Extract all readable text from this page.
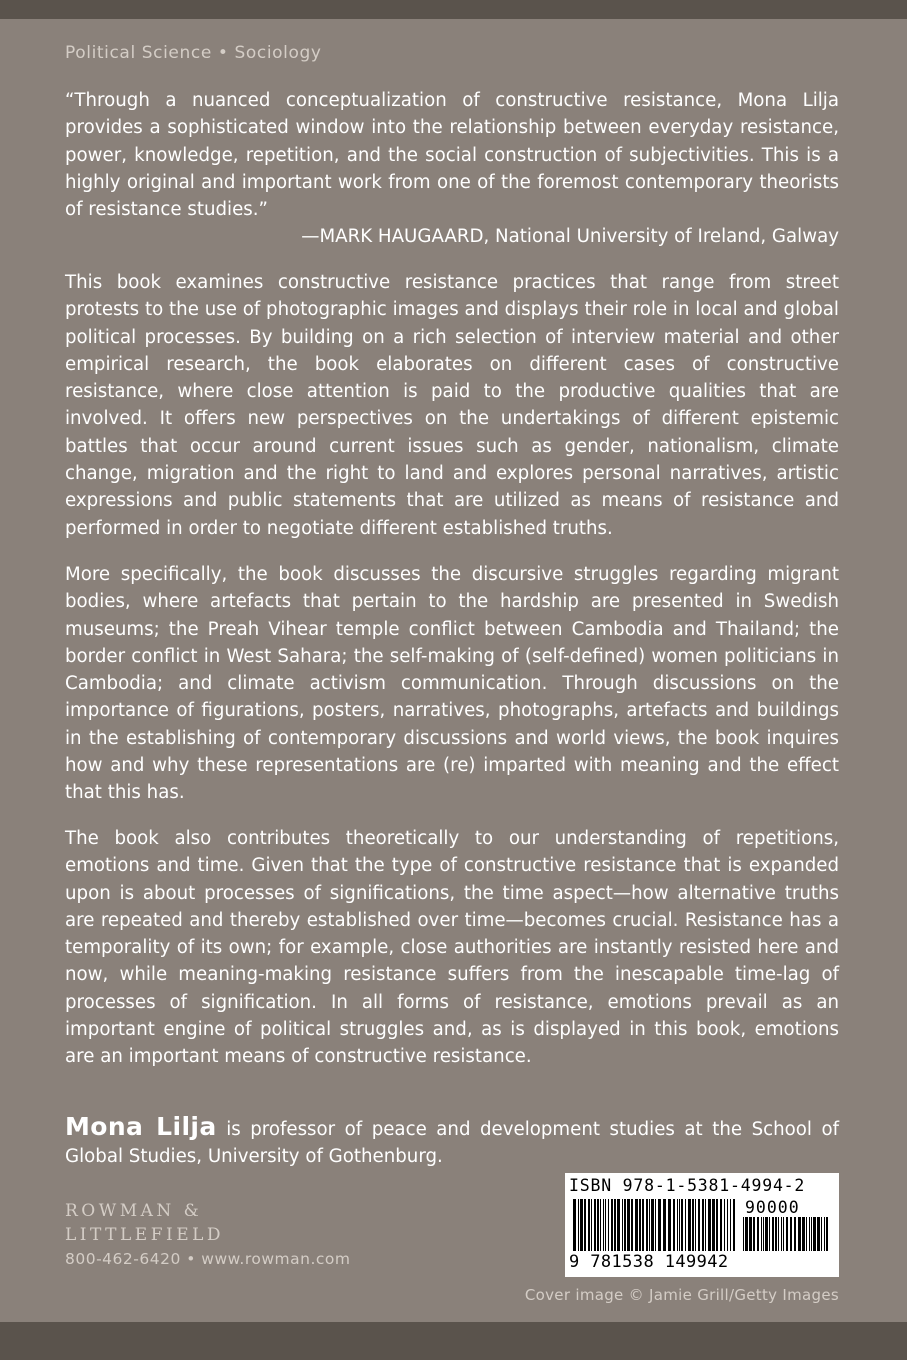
Political Science • Sociology

“Through a nuanced conceptualization of constructive resistance, Mona Lilja provides a sophisticated window into the relationship between everyday resistance, power, knowledge, repetition, and the social construction of subjectivities. This is a highly original and important work from one of the foremost contemporary theorists of resistance studies.”

—MARK HAUGAARD, National University of Ireland, Galway

This book examines constructive resistance practices that range from street protests to the use of photographic images and displays their role in local and global political processes. By building on a rich selection of interview material and other empirical research, the book elaborates on different cases of constructive resistance, where close attention is paid to the productive qualities that are involved. It offers new perspectives on the undertakings of different epistemic battles that occur around current issues such as gender, nationalism, climate change, migration and the right to land and explores personal narratives, artistic expressions and public statements that are utilized as means of resistance and performed in order to negotiate different established truths.

More specifically, the book discusses the discursive struggles regarding migrant bodies, where artefacts that pertain to the hardship are presented in Swedish museums; the Preah Vihear temple conflict between Cambodia and Thailand; the border conflict in West Sahara; the self-making of (self-defined) women politicians in Cambodia; and climate activism communication. Through discussions on the importance of figurations, posters, narratives, photographs, artefacts and buildings in the establishing of contemporary discussions and world views, the book inquires how and why these representations are (re) imparted with meaning and the effect that this has.

The book also contributes theoretically to our understanding of repetitions, emotions and time. Given that the type of constructive resistance that is expanded upon is about processes of significations, the time aspect—how alternative truths are repeated and thereby established over time—becomes crucial. Resistance has a temporality of its own; for example, close authorities are instantly resisted here and now, while meaning-making resistance suffers from the inescapable time-lag of processes of signification. In all forms of resistance, emotions prevail as an important engine of political struggles and, as is displayed in this book, emotions are an important means of constructive resistance.

Mona Lilja is professor of peace and development studies at the School of Global Studies, University of Gothenburg.

ROWMAN &
LITTLEFIELD
800-462-6420 • www.rowman.com
ISBN 978-1-5381-4994-2
90000
9 781538 149942
Cover image © Jamie Grill/Getty Images
